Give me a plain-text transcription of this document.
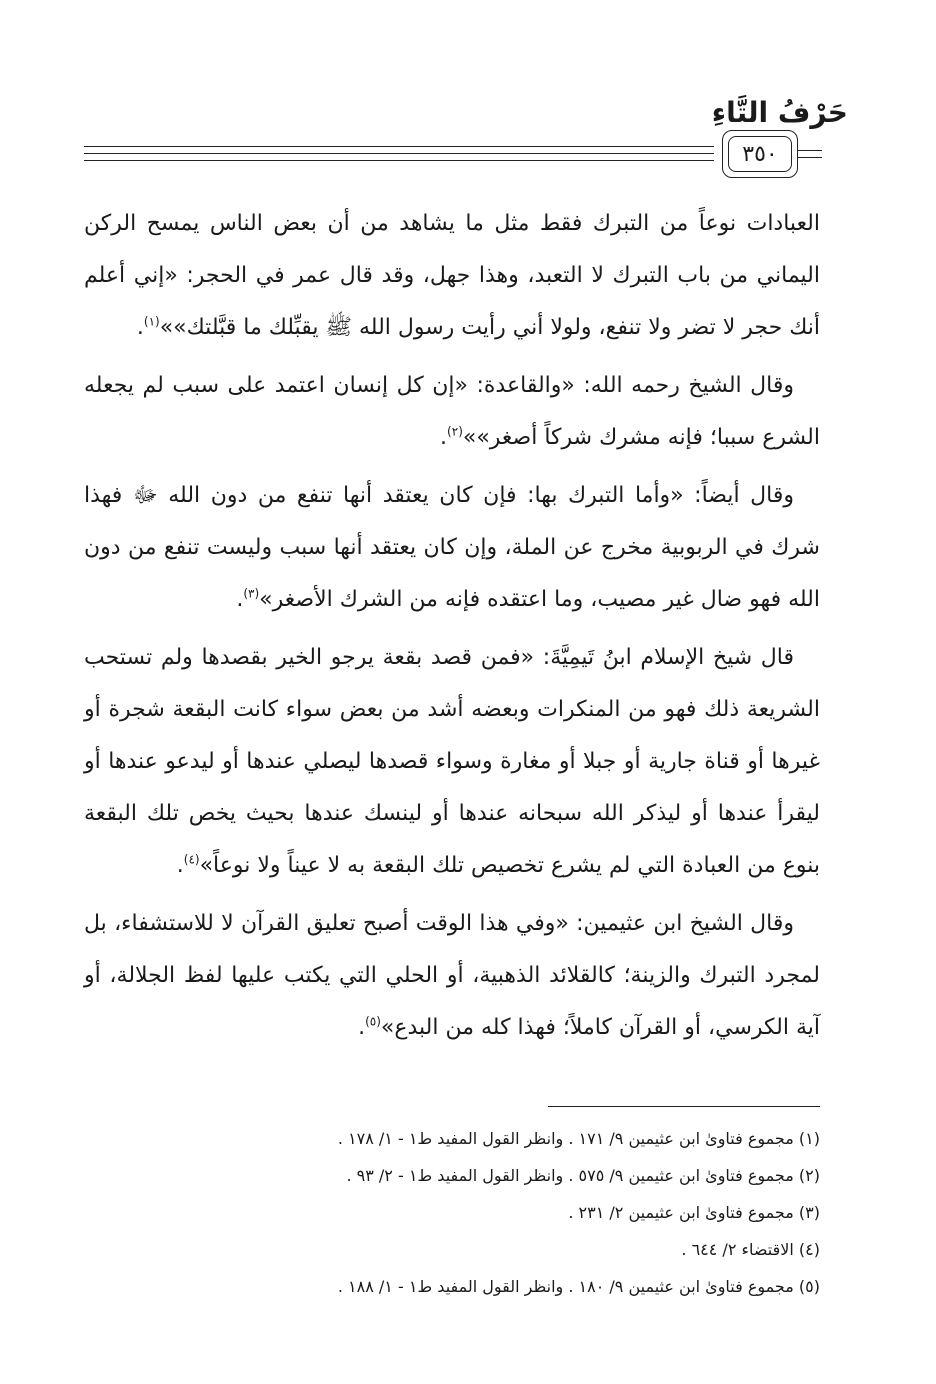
حَرْفُ التَّاءِ
٣٥٠

العبادات نوعاً من التبرك فقط مثل ما يشاهد من أن بعض الناس يمسح الركن اليماني من باب التبرك لا التعبد، وهذا جهل، وقد قال عمر في الحجر: «إني أعلم أنك حجر لا تضر ولا تنفع، ولولا أني رأيت رسول الله ﷺ يقبِّلك ما قبَّلتك»»$^{(١)}$.

وقال الشيخ رحمه الله: «والقاعدة: «إن كل إنسان اعتمد على سبب لم يجعله الشرع سببا؛ فإنه مشرك شركاً أصغر»»$^{(٢)}$.

وقال أيضاً: «وأما التبرك بها: فإن كان يعتقد أنها تنفع من دون الله ﷻ فهذا شرك في الربوبية مخرج عن الملة، وإن كان يعتقد أنها سبب وليست تنفع من دون الله فهو ضال غير مصيب، وما اعتقده فإنه من الشرك الأصغر»$^{(٣)}$.

قال شيخ الإسلام ابنُ تَيمِيَّةَ: «فمن قصد بقعة يرجو الخير بقصدها ولم تستحب الشريعة ذلك فهو من المنكرات وبعضه أشد من بعض سواء كانت البقعة شجرة أو غيرها أو قناة جارية أو جبلا أو مغارة وسواء قصدها ليصلي عندها أو ليدعو عندها أو ليقرأ عندها أو ليذكر الله سبحانه عندها أو لينسك عندها بحيث يخص تلك البقعة بنوع من العبادة التي لم يشرع تخصيص تلك البقعة به لا عيناً ولا نوعاً»$^{(٤)}$.

وقال الشيخ ابن عثيمين: «وفي هذا الوقت أصبح تعليق القرآن لا للاستشفاء، بل لمجرد التبرك والزينة؛ كالقلائد الذهبية، أو الحلي التي يكتب عليها لفظ الجلالة، أو آية الكرسي، أو القرآن كاملاً؛ فهذا كله من البدع»$^{(٥)}$.

(١) مجموع فتاوىٰ ابن عثيمين ٩/ ١٧١ . وانظر القول المفيد ط١ - ١/ ١٧٨ .

(٢) مجموع فتاوىٰ ابن عثيمين ٩/ ٥٧٥ . وانظر القول المفيد ط١ - ٢/ ٩٣ .

(٣) مجموع فتاوىٰ ابن عثيمين ٢/ ٢٣١ .

(٤) الاقتضاء ٢/ ٦٤٤ .

(٥) مجموع فتاوىٰ ابن عثيمين ٩/ ١٨٠ . وانظر القول المفيد ط١ - ١/ ١٨٨ .
